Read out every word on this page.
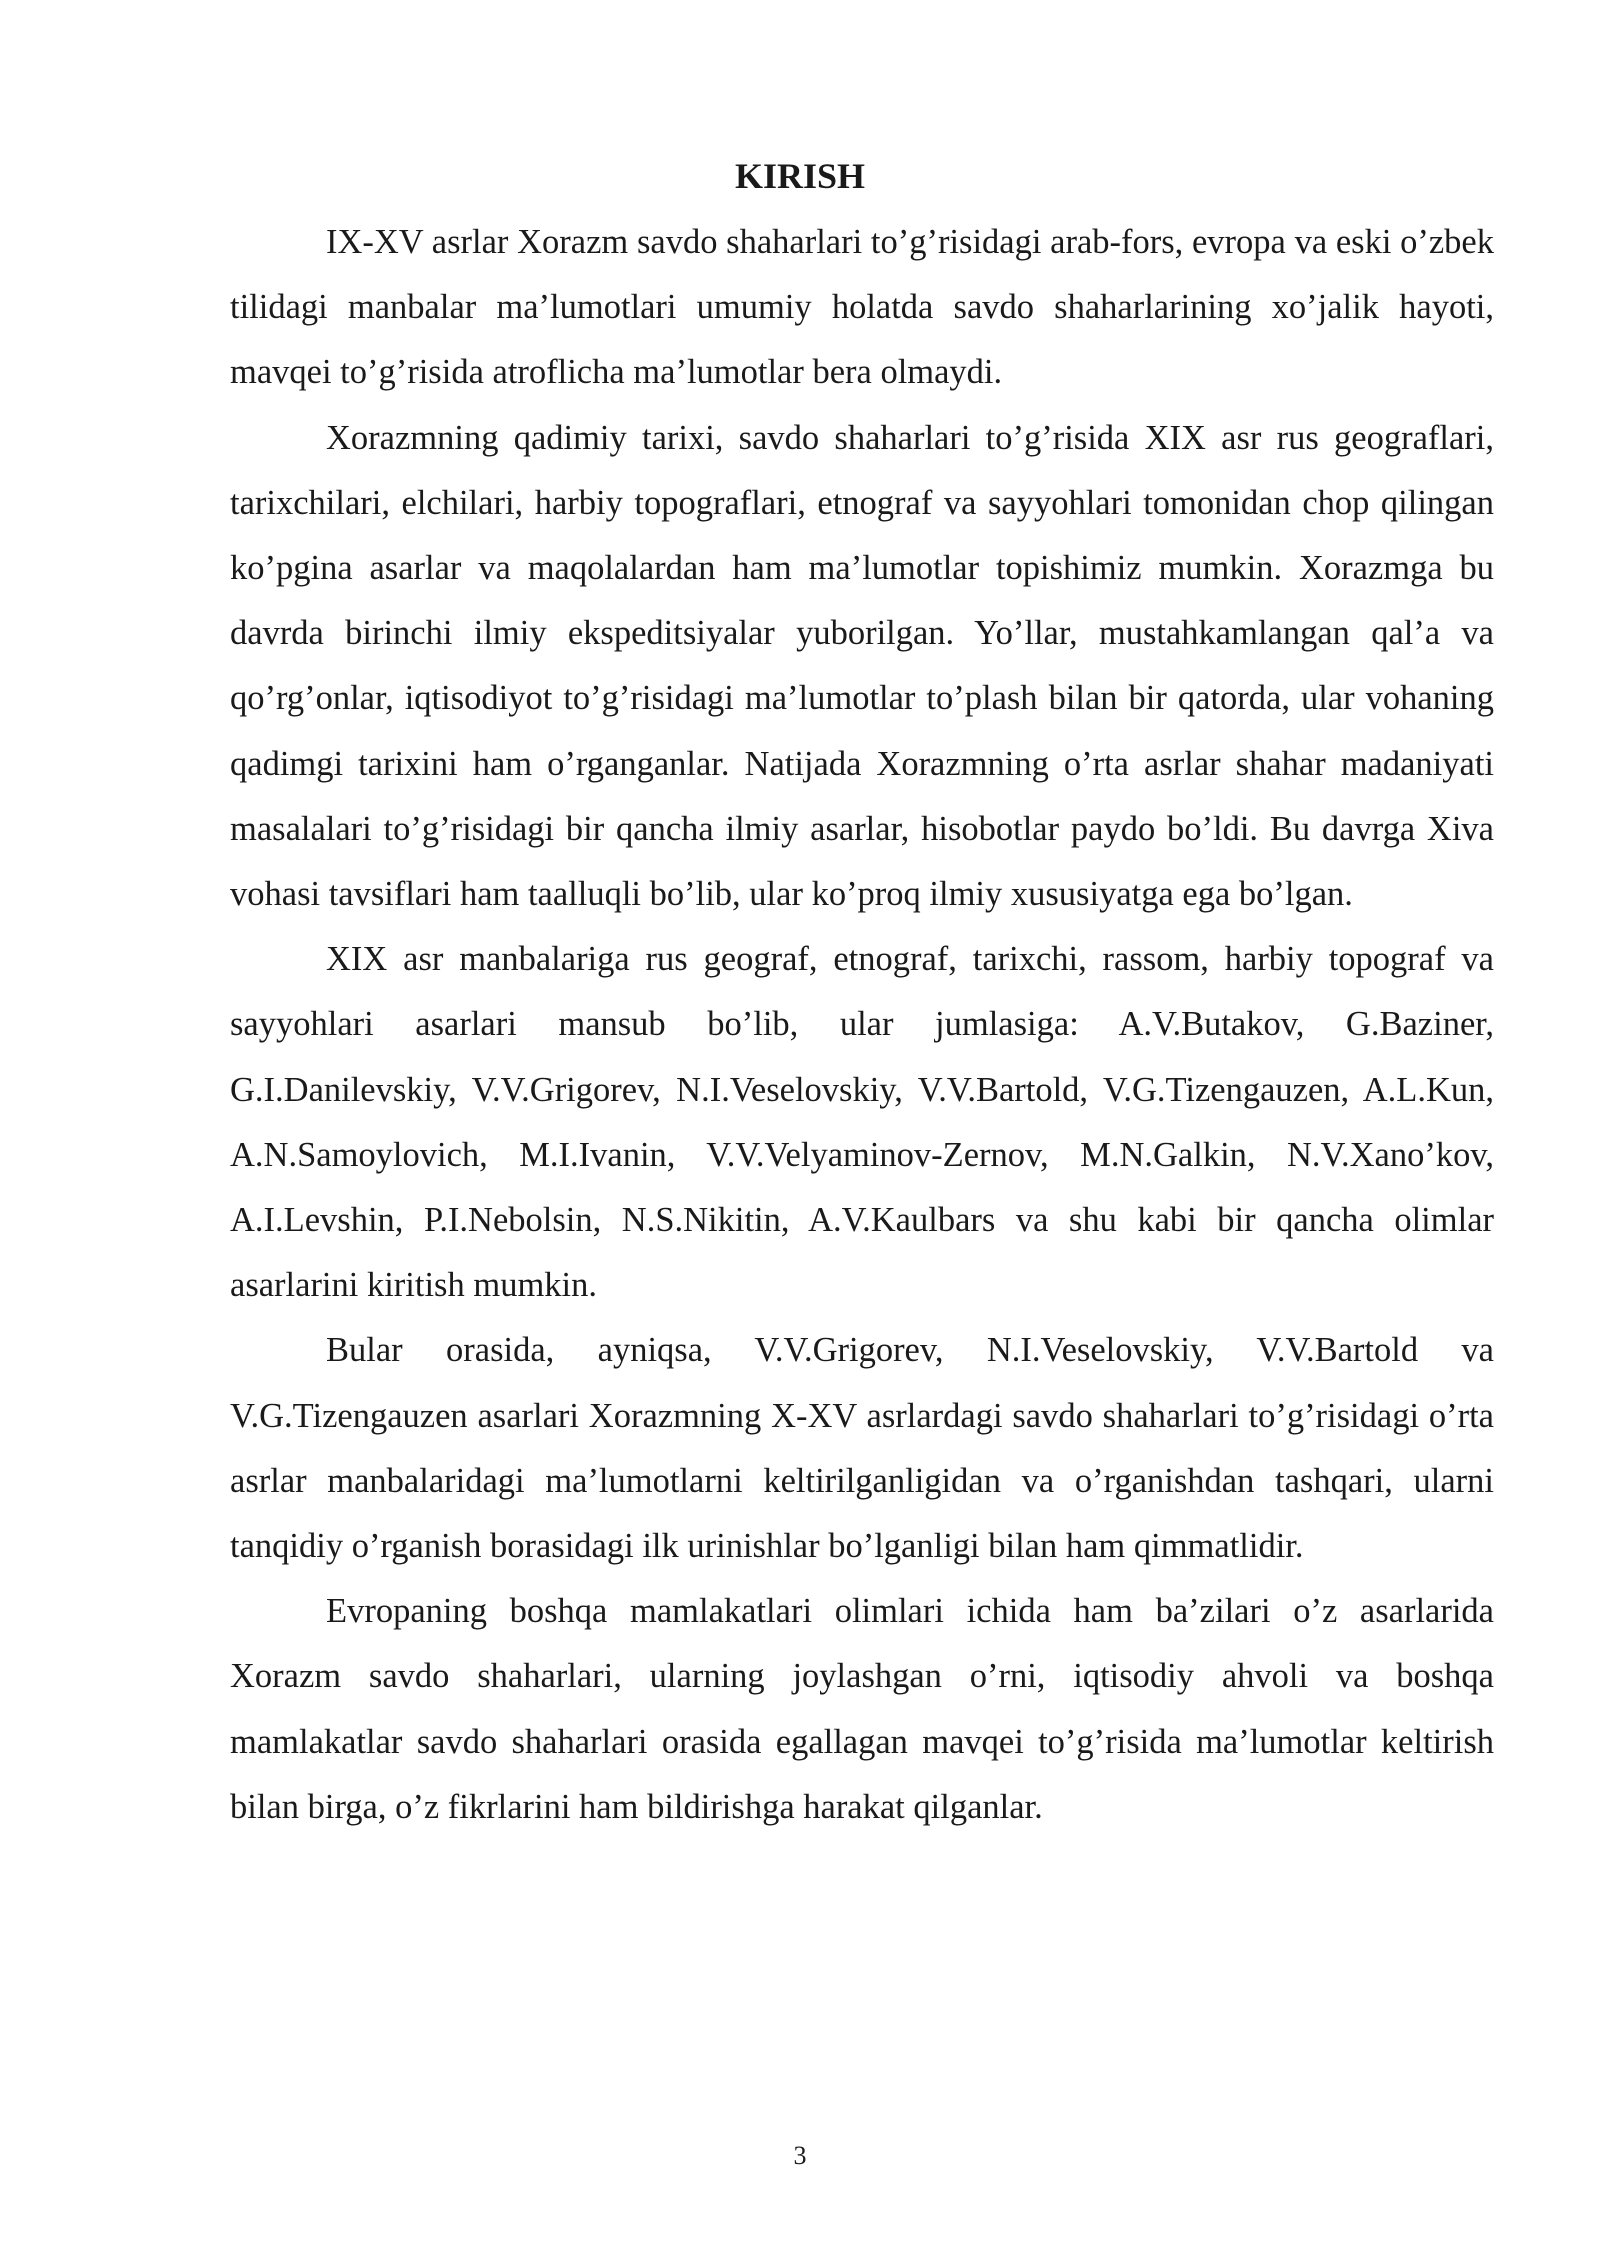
KIRISH

IX-XV asrlar Xorazm savdo shaharlari to’g’risidagi arab-fors, evropa va eski o’zbek tilidagi manbalar ma’lumotlari umumiy holatda savdo shaharlarining xo’jalik hayoti, mavqei to’g’risida atroflicha ma’lumotlar bera olmaydi.

Xorazmning qadimiy tarixi, savdo shaharlari to’g’risida XIX asr rus geograflari, tarixchilari, elchilari, harbiy topograflari, etnograf va sayyohlari tomonidan chop qilingan ko’pgina asarlar va maqolalardan ham ma’lumotlar topishimiz mumkin. Xorazmga bu davrda birinchi ilmiy ekspeditsiyalar yuborilgan. Yo’llar, mustahkamlangan qal’a va qo’rg’onlar, iqtisodiyot to’g’risidagi ma’lumotlar to’plash bilan bir qatorda, ular vohaning qadimgi tarixini ham o’rganganlar. Natijada Xorazmning o’rta asrlar shahar madaniyati masalalari to’g’risidagi bir qancha ilmiy asarlar, hisobotlar paydo bo’ldi. Bu davrga Xiva vohasi tavsiflari ham taalluqli bo’lib, ular ko’proq ilmiy xususiyatga ega bo’lgan.

XIX asr manbalariga rus geograf, etnograf, tarixchi, rassom, harbiy topograf va sayyohlari asarlari mansub bo’lib, ular jumlasiga: A.V.Butakov, G.Baziner, G.I.Danilevskiy, V.V.Grigorev, N.I.Veselovskiy, V.V.Bartold, V.G.Tizengauzen, A.L.Kun, A.N.Samoylovich, M.I.Ivanin, V.V.Velyaminov-Zernov, M.N.Galkin, N.V.Xano’kov, A.I.Levshin, P.I.Nebolsin, N.S.Nikitin, A.V.Kaulbars va shu kabi bir qancha olimlar asarlarini kiritish mumkin.

Bular orasida, ayniqsa, V.V.Grigorev, N.I.Veselovskiy, V.V.Bartold va V.G.Tizengauzen asarlari Xorazmning X-XV asrlardagi savdo shaharlari to’g’risidagi o’rta asrlar manbalaridagi ma’lumotlarni keltirilganligidan va o’rganishdan tashqari, ularni tanqidiy o’rganish borasidagi ilk urinishlar bo’lganligi bilan ham qimmatlidir.

Evropaning boshqa mamlakatlari olimlari ichida ham ba’zilari o’z asarlarida Xorazm savdo shaharlari, ularning joylashgan o’rni, iqtisodiy ahvoli va boshqa mamlakatlar savdo shaharlari orasida egallagan mavqei to’g’risida ma’lumotlar keltirish bilan birga, o’z fikrlarini ham bildirishga harakat qilganlar.

3
